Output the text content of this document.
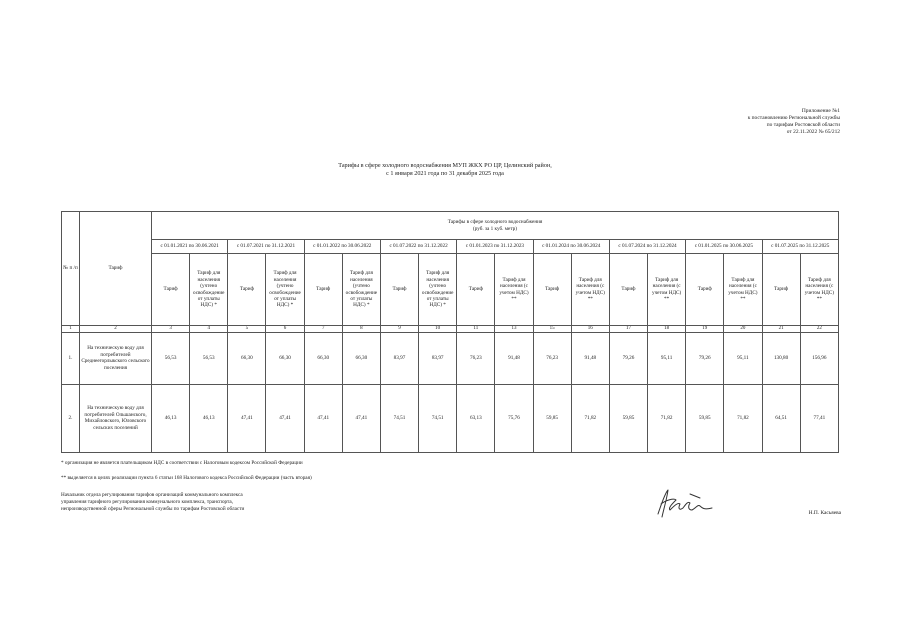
Приложение №1
к постановлению Региональной службы
по тарифам Ростовской области
от 22.11.2022 № 65/212
Тарифы в сфере холодного водоснабжения МУП ЖКХ РО ЦР, Целинский район,
с 1 января 2021 года по 31 декабря 2025 года
№ п /п	Тариф	Тарифы в сфере холодного водоснабжения
(руб. за 1 куб. метр)																	

		с 01.01.2021 по 30.06.2021		с 01.07.2021 по 31.12.2021		с 01.01.2022 по 30.06.2022		с 01.07.2022 по 31.12.2022		с 01.01.2023 по 31.12.2023		с 01.01.2024 по 30.06.2024		с 01.07.2024 по 31.12.2024		с 01.01.2025 по 30.06.2025		с 01.07.2025 по 31.12.2025	
		Тариф	Тариф для населения (учтено освобождение от уплаты НДС) *	Тариф	Тариф для населения (учтено освобождение от уплаты НДС) *	Тариф	Тариф для населения (учтено освобождение от уплаты НДС) *	Тариф	Тариф для населения (учтено освобождение от уплаты НДС) *	Тариф	Тариф для населения (с учетом НДС) **	Тариф	Тариф для населения (с учетом НДС) **	Тариф	Тариф для населения (с учетом НДС) **	Тариф	Тариф для населения (с учетом НДС) **	Тариф	Тариф для населения (с учетом НДС) **
1	2	3	4	5	6	7	8	9	10	11	13	15	16	17	18	19	20	21	22
1.	На техническую воду для потребителей Среднеегорлыкского сельского поселения	56,53	56,53	66,30	66,30	66,30	66,30	83,97	83,97	76,23	91,48	76,23	91,48	79,26	95,11	79,26	95,11	130,80	156,96
2.	На техническую воду для потребителей Ольшанского, Михайловского, Юловского сельских поселений	46,13	46,13	47,41	47,41	47,41	47,41	74,51	74,51	63,13	75,76	59,85	71,82	59,85	71,82	59,85	71,82	64,51	77,41
* организация не является плательщиком НДС в соответствии с Налоговым кодексом Российской Федерации
** выделяется в целях реализации пункта 6 статьи 168 Налогового кодекса Российской Федерации (часть вторая)
Начальник отдела регулирования тарифов организаций коммунального комплекса
управления тарифного регулирования коммунального комплекса, транспорта,
непроизводственной сферы Региональной службы по тарифам Ростовской области
Н.П. Касьяева
